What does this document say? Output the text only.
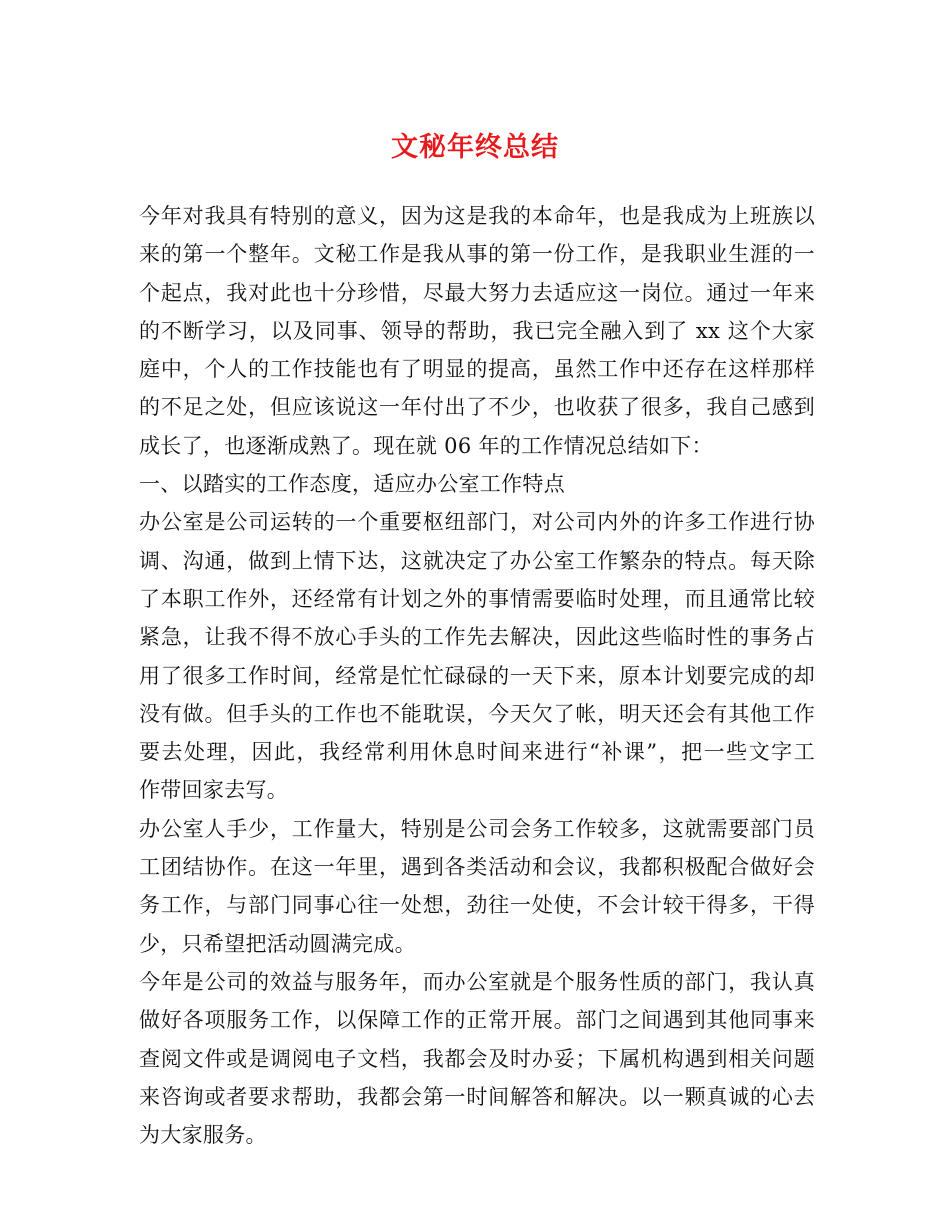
文秘年终总结
今年对我具有特别的意义，因为这是我的本命年，也是我成为上班族以
来的第一个整年。文秘工作是我从事的第一份工作，是我职业生涯的一
个起点，我对此也十分珍惜，尽最大努力去适应这一岗位。通过一年来
的不断学习，以及同事、领导的帮助，我已完全融入到了 xx 这个大家
庭中，个人的工作技能也有了明显的提高，虽然工作中还存在这样那样
的不足之处，但应该说这一年付出了不少，也收获了很多，我自己感到
成长了，也逐渐成熟了。现在就 06 年的工作情况总结如下：
一、以踏实的工作态度，适应办公室工作特点
办公室是公司运转的一个重要枢纽部门，对公司内外的许多工作进行协
调、沟通，做到上情下达，这就决定了办公室工作繁杂的特点。每天除
了本职工作外，还经常有计划之外的事情需要临时处理，而且通常比较
紧急，让我不得不放心手头的工作先去解决，因此这些临时性的事务占
用了很多工作时间，经常是忙忙碌碌的一天下来，原本计划要完成的却
没有做。但手头的工作也不能耽误，今天欠了帐，明天还会有其他工作
要去处理，因此，我经常利用休息时间来进行“补课”，把一些文字工
作带回家去写。
办公室人手少，工作量大，特别是公司会务工作较多，这就需要部门员
工团结协作。在这一年里，遇到各类活动和会议，我都积极配合做好会
务工作，与部门同事心往一处想，劲往一处使，不会计较干得多，干得
少，只希望把活动圆满完成。
今年是公司的效益与服务年，而办公室就是个服务性质的部门，我认真
做好各项服务工作，以保障工作的正常开展。部门之间遇到其他同事来
查阅文件或是调阅电子文档，我都会及时办妥；下属机构遇到相关问题
来咨询或者要求帮助，我都会第一时间解答和解决。以一颗真诚的心去
为大家服务。
